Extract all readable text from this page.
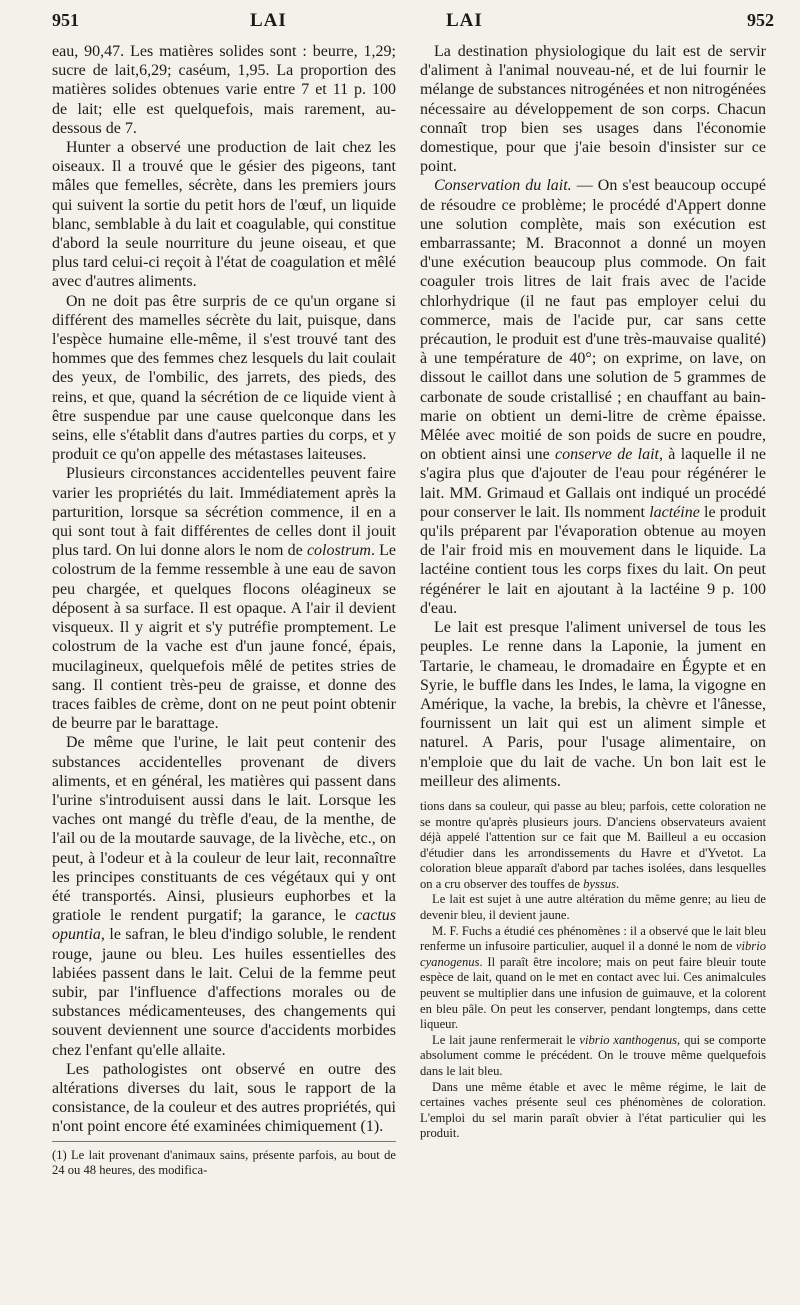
951	LAI	LAI	952

eau, 90,47. Les matières solides sont : beurre, 1,29; sucre de lait,6,29; caséum, 1,95. La proportion des matières solides obtenues varie entre 7 et 11 p. 100 de lait; elle est quelquefois, mais rarement, au-dessous de 7.

Hunter a observé une production de lait chez les oiseaux. Il a trouvé que le gésier des pigeons, tant mâles que femelles, sécrète, dans les premiers jours qui suivent la sortie du petit hors de l'œuf, un liquide blanc, semblable à du lait et coagulable, qui constitue d'abord la seule nourriture du jeune oiseau, et que plus tard celui-ci reçoit à l'état de coagulation et mêlé avec d'autres aliments.

On ne doit pas être surpris de ce qu'un organe si différent des mamelles sécrète du lait, puisque, dans l'espèce humaine elle-même, il s'est trouvé tant des hommes que des femmes chez lesquels du lait coulait des yeux, de l'ombilic, des jarrets, des pieds, des reins, et que, quand la sécrétion de ce liquide vient à être suspendue par une cause quelconque dans les seins, elle s'établit dans d'autres parties du corps, et y produit ce qu'on appelle des métastases laiteuses.

Plusieurs circonstances accidentelles peuvent faire varier les propriétés du lait. Immédiatement après la parturition, lorsque sa sécrétion commence, il en a qui sont tout à fait différentes de celles dont il jouit plus tard. On lui donne alors le nom de colostrum. Le colostrum de la femme ressemble à une eau de savon peu chargée, et quelques flocons oléagineux se déposent à sa surface. Il est opaque. A l'air il devient visqueux. Il y aigrit et s'y putréfie promptement. Le colostrum de la vache est d'un jaune foncé, épais, mucilagineux, quelquefois mêlé de petites stries de sang. Il contient très-peu de graisse, et donne des traces faibles de crème, dont on ne peut point obtenir de beurre par le barattage.

De même que l'urine, le lait peut contenir des substances accidentelles provenant de divers aliments, et en général, les matières qui passent dans l'urine s'introduisent aussi dans le lait. Lorsque les vaches ont mangé du trèfle d'eau, de la menthe, de l'ail ou de la moutarde sauvage, de la livèche, etc., on peut, à l'odeur et à la couleur de leur lait, reconnaître les principes constituants de ces végétaux qui y ont été transportés. Ainsi, plusieurs euphorbes et la gratiole le rendent purgatif; la garance, le cactus opuntia, le safran, le bleu d'indigo soluble, le rendent rouge, jaune ou bleu. Les huiles essentielles des labiées passent dans le lait. Celui de la femme peut subir, par l'influence d'affections morales ou de substances médicamenteuses, des changements qui souvent deviennent une source d'accidents morbides chez l'enfant qu'elle allaite.

Les pathologistes ont observé en outre des altérations diverses du lait, sous le rapport de la consistance, de la couleur et des autres propriétés, qui n'ont point encore été examinées chimiquement (1).

(1) Le lait provenant d'animaux sains, présente parfois, au bout de 24 ou 48 heures, des modifica-

La destination physiologique du lait est de servir d'aliment à l'animal nouveau-né, et de lui fournir le mélange de substances nitrogénées et non nitrogénées nécessaire au développement de son corps. Chacun connaît trop bien ses usages dans l'économie domestique, pour que j'aie besoin d'insister sur ce point.

Conservation du lait. — On s'est beaucoup occupé de résoudre ce problème; le procédé d'Appert donne une solution complète, mais son exécution est embarrassante; M. Braconnot a donné un moyen d'une exécution beaucoup plus commode. On fait coaguler trois litres de lait frais avec de l'acide chlorhydrique (il ne faut pas employer celui du commerce, mais de l'acide pur, car sans cette précaution, le produit est d'une très-mauvaise qualité) à une température de 40°; on exprime, on lave, on dissout le caillot dans une solution de 5 grammes de carbonate de soude cristallisé ; en chauffant au bain-marie on obtient un demi-litre de crème épaisse. Mêlée avec moitié de son poids de sucre en poudre, on obtient ainsi une conserve de lait, à laquelle il ne s'agira plus que d'ajouter de l'eau pour régénérer le lait. MM. Grimaud et Gallais ont indiqué un procédé pour conserver le lait. Ils nomment lactéine le produit qu'ils préparent par l'évaporation obtenue au moyen de l'air froid mis en mouvement dans le liquide. La lactéine contient tous les corps fixes du lait. On peut régénérer le lait en ajoutant à la lactéine 9 p. 100 d'eau.

Le lait est presque l'aliment universel de tous les peuples. Le renne dans la Laponie, la jument en Tartarie, le chameau, le dromadaire en Égypte et en Syrie, le buffle dans les Indes, le lama, la vigogne en Amérique, la vache, la brebis, la chèvre et l'ânesse, fournissent un lait qui est un aliment simple et naturel. A Paris, pour l'usage alimentaire, on n'emploie que du lait de vache. Un bon lait est le meilleur des aliments.

tions dans sa couleur, qui passe au bleu; parfois, cette coloration ne se montre qu'après plusieurs jours. D'anciens observateurs avaient déjà appelé l'attention sur ce fait que M. Bailleul a eu occasion d'étudier dans les arrondissements du Havre et d'Yvetot. La coloration bleue apparaît d'abord par taches isolées, dans lesquelles on a cru observer des touffes de byssus.

Le lait est sujet à une autre altération du même genre; au lieu de devenir bleu, il devient jaune.

M. F. Fuchs a étudié ces phénomènes : il a observé que le lait bleu renferme un infusoire particulier, auquel il a donné le nom de vibrio cyanogenus. Il paraît être incolore; mais on peut faire bleuir toute espèce de lait, quand on le met en contact avec lui. Ces animalcules peuvent se multiplier dans une infusion de guimauve, et la colorent en bleu pâle. On peut les conserver, pendant longtemps, dans cette liqueur.

Le lait jaune renfermerait le vibrio xanthogenus, qui se comporte absolument comme le précédent. On le trouve même quelquefois dans le lait bleu.

Dans une même étable et avec le même régime, le lait de certaines vaches présente seul ces phénomènes de coloration. L'emploi du sel marin paraît obvier à l'état particulier qui les produit.
